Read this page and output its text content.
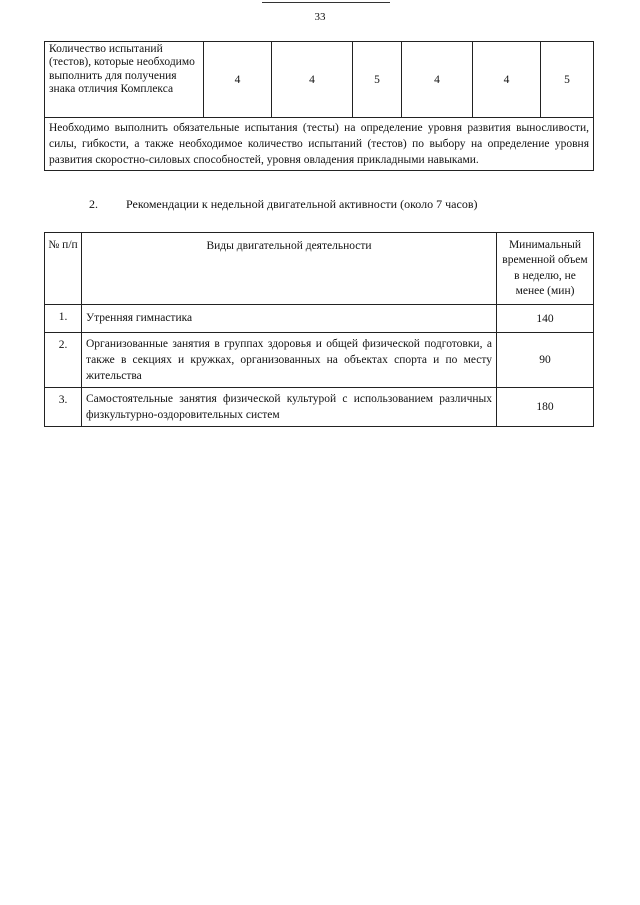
33
Количество испытаний (тестов), которые необходимо выполнить для получения знака отличия Комплекса	4	4	5	4	4	5
Необходимо выполнить обязательные испытания (тесты) на определение уровня развития выносливости, силы, гибкости, а также необходимое количество испытаний (тестов) по выбору на определение уровня развития скоростно-силовых способностей, уровня овладения прикладными навыками.
2. Рекомендации к недельной двигательной активности (около 7 часов)
№ п/п	Виды двигательной деятельности	Минимальный временной объем в неделю, не менее (мин)
1.	Утренняя гимнастика	140
2.	Организованные занятия в группах здоровья и общей физической подготовки, а также в секциях и кружках, организованных на объектах спорта и по месту жительства	90
3.	Самостоятельные занятия физической культурой с использованием различных физкультурно-оздоровительных систем	180
